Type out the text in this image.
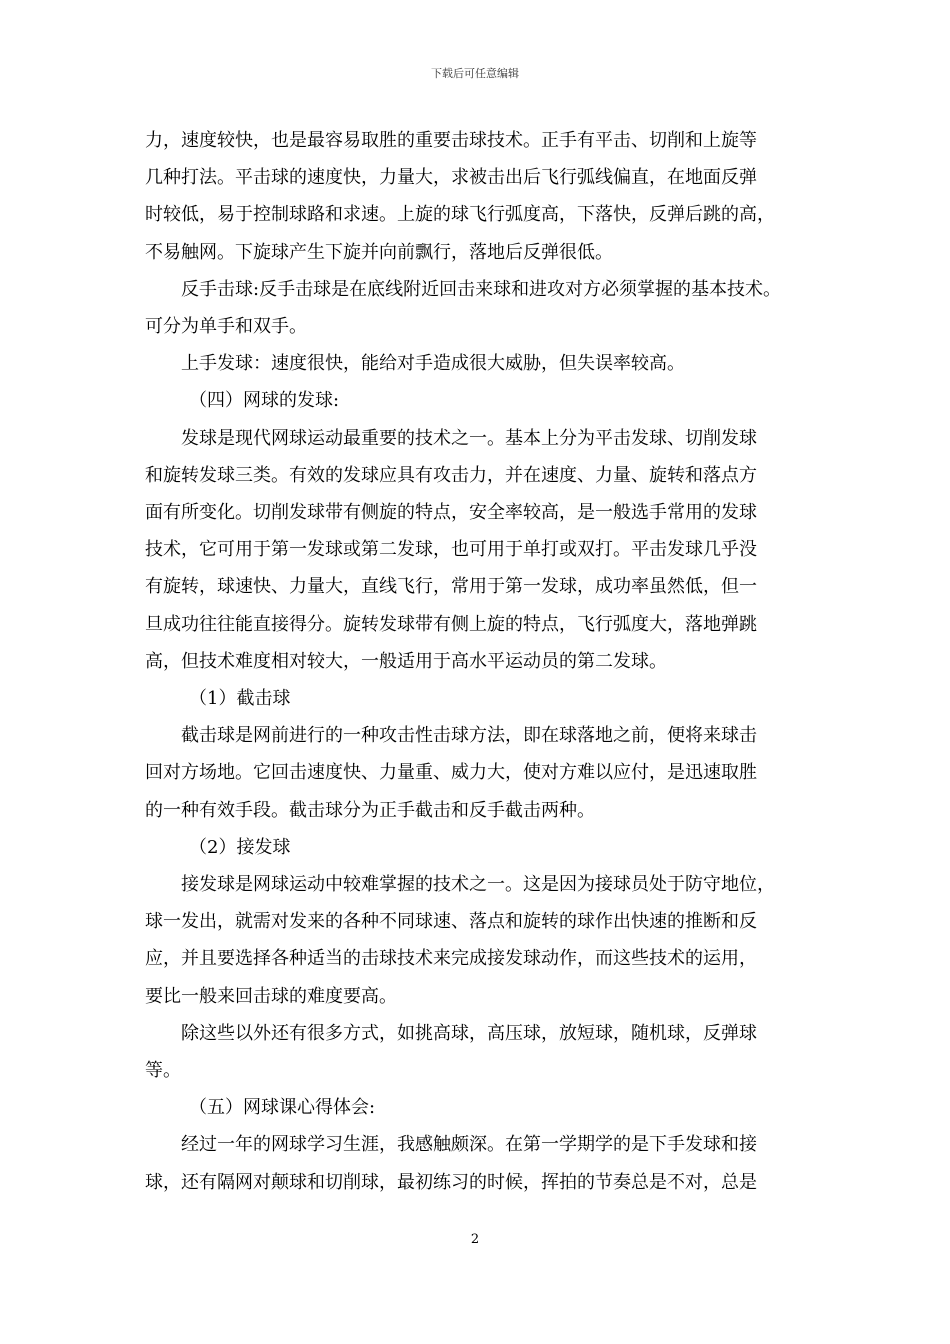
下载后可任意编辑

力，速度较快，也是最容易取胜的重要击球技术。正手有平击、切削和上旋等

几种打法。平击球的速度快，力量大，求被击出后飞行弧线偏直，在地面反弹

时较低，易于控制球路和求速。上旋的球飞行弧度高，下落快，反弹后跳的高，

不易触网。下旋球产生下旋并向前飘行，落地后反弹很低。

反手击球:反手击球是在底线附近回击来球和进攻对方必须掌握的基本技术。

可分为单手和双手。

上手发球：速度很快，能给对手造成很大威胁，但失误率较高。

（四）网球的发球:

发球是现代网球运动最重要的技术之一。基本上分为平击发球、切削发球

和旋转发球三类。有效的发球应具有攻击力，并在速度、力量、旋转和落点方

面有所变化。切削发球带有侧旋的特点，安全率较高，是一般选手常用的发球

技术，它可用于第一发球或第二发球，也可用于单打或双打。平击发球几乎没

有旋转，球速快、力量大，直线飞行，常用于第一发球，成功率虽然低，但一

旦成功往往能直接得分。旋转发球带有侧上旋的特点，飞行弧度大，落地弹跳

高，但技术难度相对较大，一般适用于高水平运动员的第二发球。

（1）截击球

截击球是网前进行的一种攻击性击球方法，即在球落地之前，便将来球击

回对方场地。它回击速度快、力量重、威力大，使对方难以应付，是迅速取胜

的一种有效手段。截击球分为正手截击和反手截击两种。

（2）接发球

接发球是网球运动中较难掌握的技术之一。这是因为接球员处于防守地位，

球一发出，就需对发来的各种不同球速、落点和旋转的球作出快速的推断和反

应，并且要选择各种适当的击球技术来完成接发球动作，而这些技术的运用，

要比一般来回击球的难度要高。

除这些以外还有很多方式，如挑高球，高压球，放短球，随机球，反弹球

等。

（五）网球课心得体会:

经过一年的网球学习生涯，我感触颇深。在第一学期学的是下手发球和接

球，还有隔网对颠球和切削球，最初练习的时候，挥拍的节奏总是不对，总是

2
